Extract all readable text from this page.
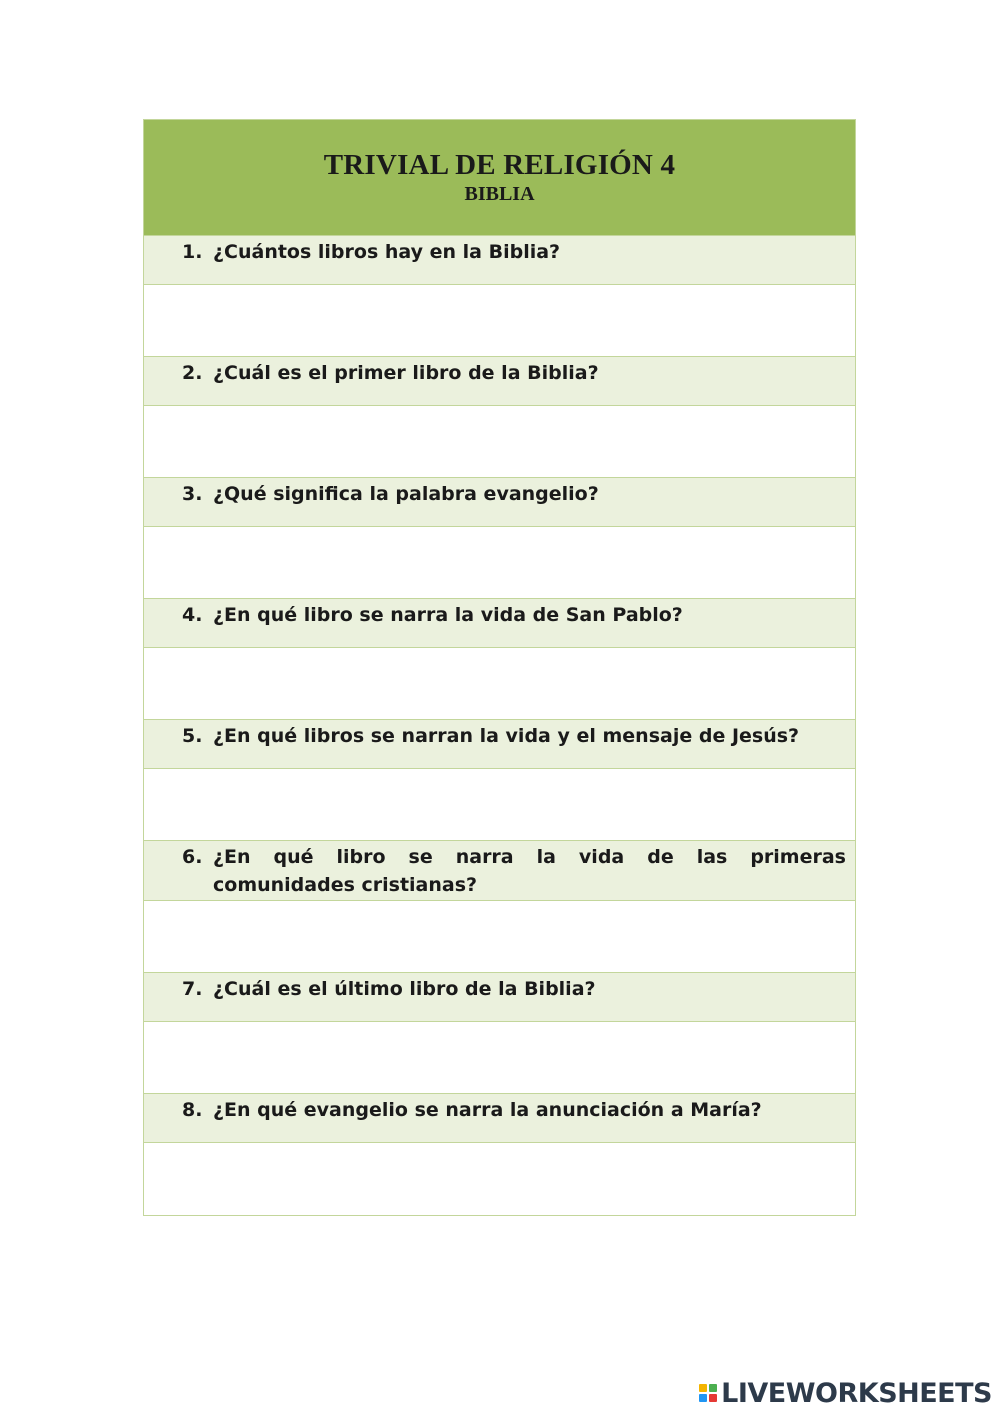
TRIVIAL DE RELIGIÓN 4
BIBLIA
1. ¿Cuántos libros hay en la Biblia?
2. ¿Cuál es el primer libro de la Biblia?
3. ¿Qué significa la palabra evangelio?
4. ¿En qué libro se narra la vida de San Pablo?
5. ¿En qué libros se narran la vida y el mensaje de Jesús?
6. ¿En qué libro se narra la vida de las primeras comunidades cristianas?
7. ¿Cuál es el último libro de la Biblia?
8. ¿En qué evangelio se narra la anunciación a María?
LIVEWORKSHEETS
